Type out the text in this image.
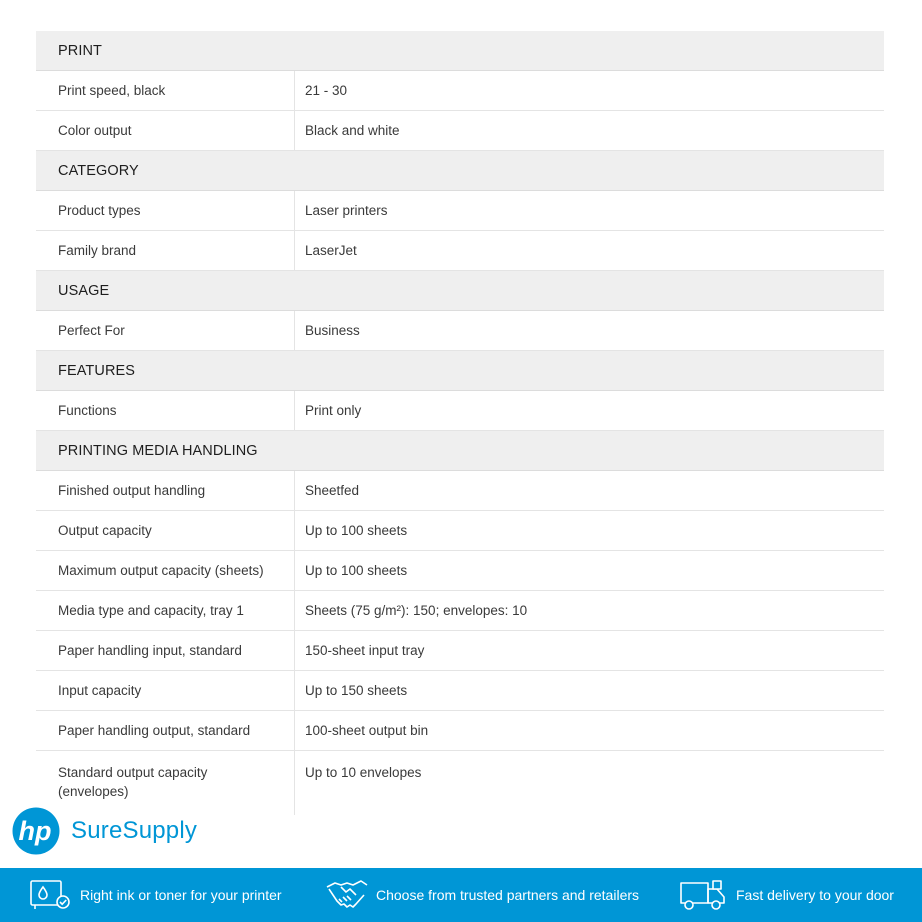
PRINT	
Print speed, black	21 - 30
Color output	Black and white
CATEGORY	
Product types	Laser printers
Family brand	LaserJet
USAGE	
Perfect For	Business
FEATURES	
Functions	Print only
PRINTING MEDIA HANDLING	
Finished output handling	Sheetfed
Output capacity	Up to 100 sheets
Maximum output capacity (sheets)	Up to 100 sheets
Media type and capacity, tray 1	Sheets (75 g/m²): 150; envelopes: 10
Paper handling input, standard	150-sheet input tray
Input capacity	Up to 150 sheets
Paper handling output, standard	100-sheet output bin
Standard output capacity (envelopes)	Up to 10 envelopes
hp SureSupply
Right ink or toner for your printer	Choose from trusted partners and retailers	Fast delivery to your door
